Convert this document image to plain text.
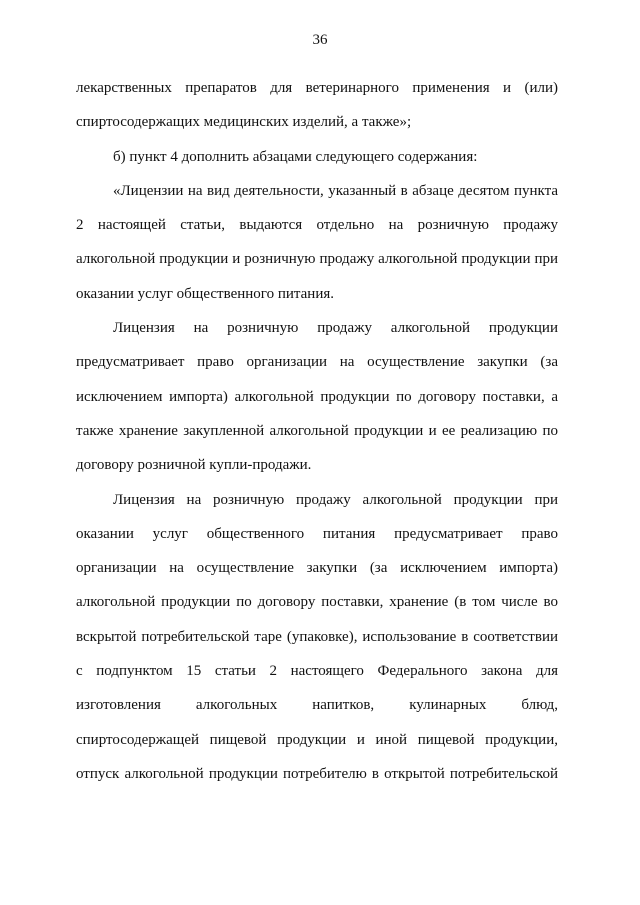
36

лекарственных препаратов для ветеринарного применения и (или) спиртосодержащих медицинских изделий, а также»;

б) пункт 4 дополнить абзацами следующего содержания:

«Лицензии на вид деятельности, указанный в абзаце десятом пункта 2 настоящей статьи, выдаются отдельно на розничную продажу алкогольной продукции и розничную продажу алкогольной продукции при оказании услуг общественного питания.

Лицензия на розничную продажу алкогольной продукции предусматривает право организации на осуществление закупки (за исключением импорта) алкогольной продукции по договору поставки, а также хранение закупленной алкогольной продукции и ее реализацию по договору розничной купли-продажи.

Лицензия на розничную продажу алкогольной продукции при оказании услуг общественного питания предусматривает право организации на осуществление закупки (за исключением импорта) алкогольной продукции по договору поставки, хранение (в том числе во вскрытой потребительской таре (упаковке), использование в соответствии с подпунктом 15 статьи 2 настоящего Федерального закона для изготовления алкогольных напитков, кулинарных блюд, спиртосодержащей пищевой продукции и иной пищевой продукции, отпуск алкогольной продукции потребителю в открытой потребительской
